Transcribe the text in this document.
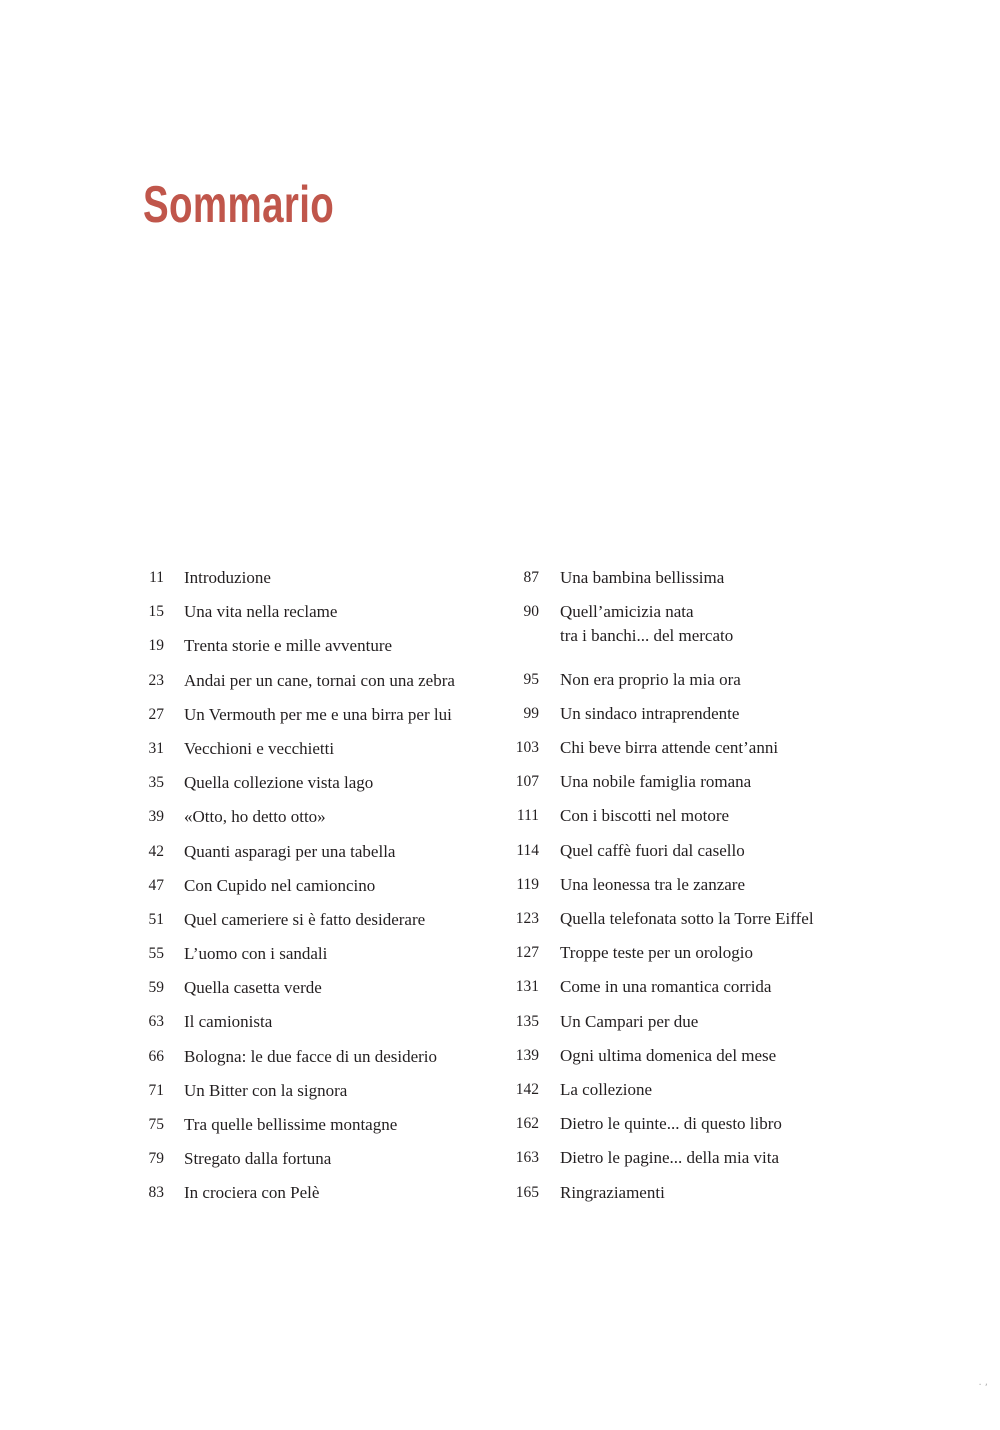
Sommario
11 Introduzione
15 Una vita nella reclame
19 Trenta storie e mille avventure
23 Andai per un cane, tornai con una zebra
27 Un Vermouth per me e una birra per lui
31 Vecchioni e vecchietti
35 Quella collezione vista lago
39 «Otto, ho detto otto»
42 Quanti asparagi per una tabella
47 Con Cupido nel camioncino
51 Quel cameriere si è fatto desiderare
55 L’uomo con i sandali
59 Quella casetta verde
63 Il camionista
66 Bologna: le due facce di un desiderio
71 Un Bitter con la signora
75 Tra quelle bellissime montagne
79 Stregato dalla fortuna
83 In crociera con Pelè
87 Una bambina bellissima
90 Quell’amicizia nata
tra i banchi... del mercato
95 Non era proprio la mia ora
99 Un sindaco intraprendente
103 Chi beve birra attende cent’anni
107 Una nobile famiglia romana
111 Con i biscotti nel motore
114 Quel caffè fuori dal casello
119 Una leonessa tra le zanzare
123 Quella telefonata sotto la Torre Eiffel
127 Troppe teste per un orologio
131 Come in una romantica corrida
135 Un Campari per due
139 Ogni ultima domenica del mese
142 La collezione
162 Dietro le quinte... di questo libro
163 Dietro le pagine... della mia vita
165 Ringraziamenti
. ,
